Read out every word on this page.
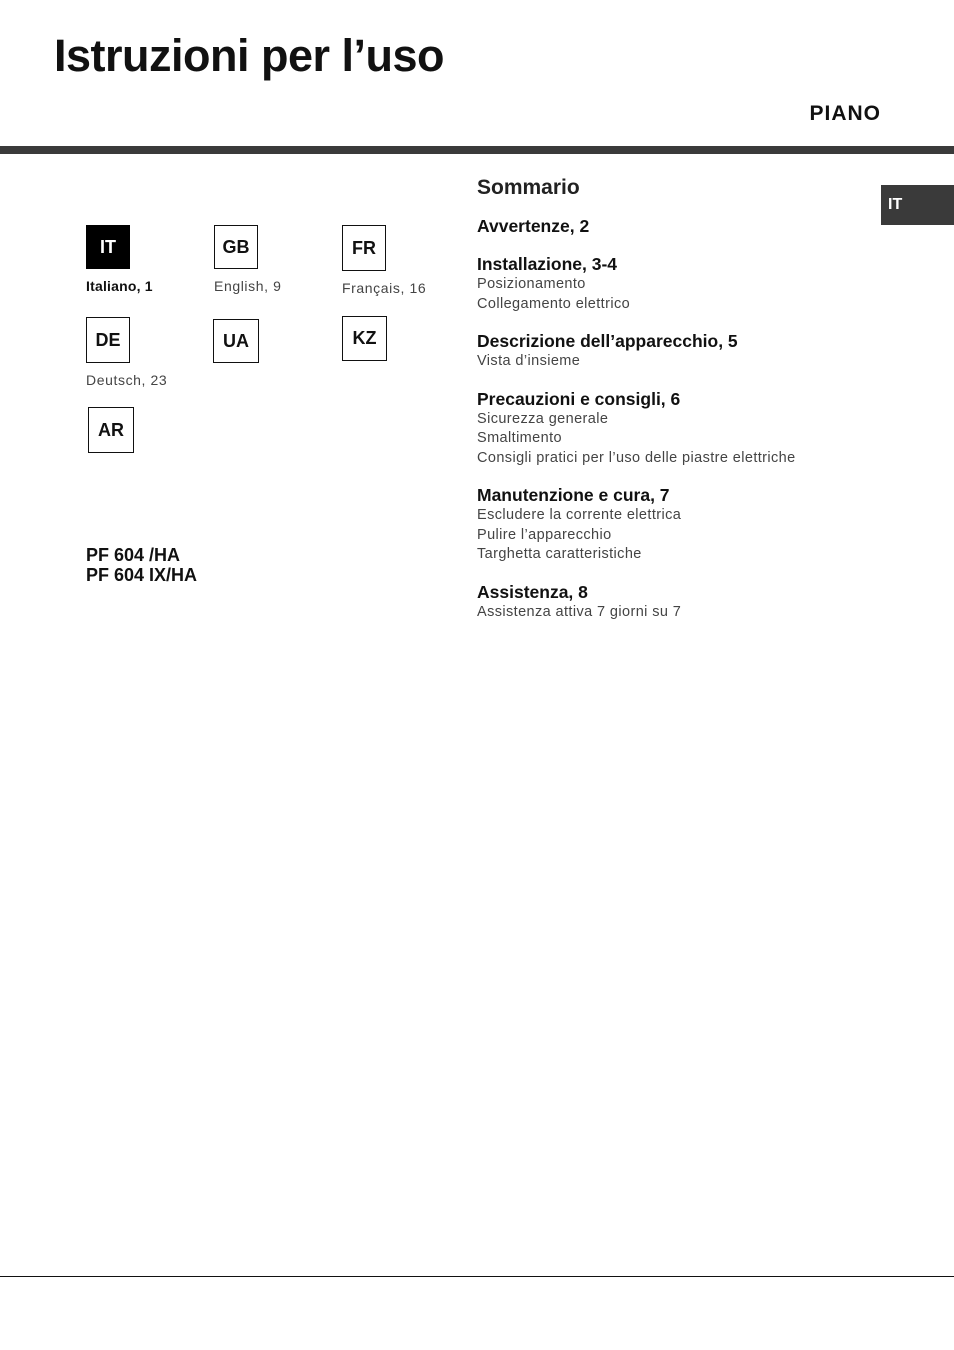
Istruzioni per l’uso
PIANO
IT
IT
Italiano, 1
GB
English, 9
FR
Français, 16
DE
Deutsch, 23
UA	KZ
AR
PF 604 /HA
PF 604 IX/HA
Sommario
Avvertenze, 2
Installazione, 3-4
Posizionamento
Collegamento elettrico
Descrizione dell’apparecchio, 5
Vista d’insieme
Precauzioni e consigli, 6
Sicurezza generale
Smaltimento
Consigli pratici per l’uso delle piastre elettriche
Manutenzione e cura, 7
Escludere la corrente elettrica
Pulire l’apparecchio
Targhetta caratteristiche
Assistenza, 8
Assistenza attiva 7 giorni su 7
